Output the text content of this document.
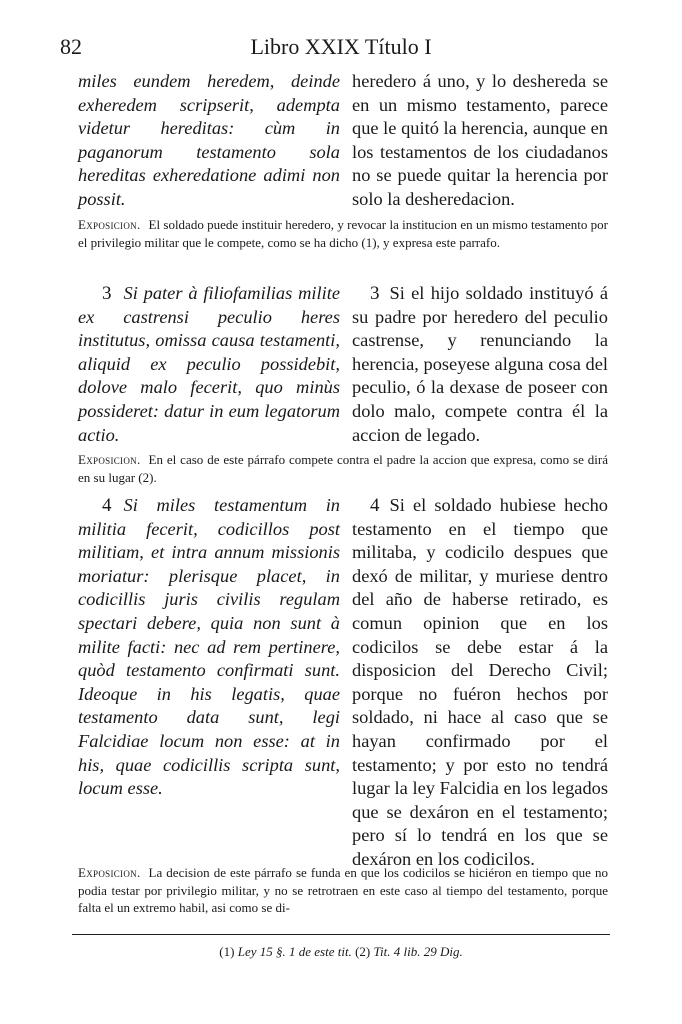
82	Libro XXIX Título I

miles eundem heredem, deinde exheredem scripserit, adempta videtur hereditas: cùm in paganorum testamento sola hereditas exheredatione adimi non possit.

heredero á uno, y lo deshereda se en un mismo testamento, parece que le quitó la herencia, aunque en los testamentos de los ciudadanos no se puede quitar la herencia por solo la desheredacion.

Exposicion. El soldado puede instituir heredero, y revocar la institucion en un mismo testamento por el privilegio militar que le compete, como se ha dicho (1), y expresa este parrafo.

3 Si pater à filiofamilias milite ex castrensi peculio heres institutus, omissa causa testamenti, aliquid ex peculio possidebit, dolove malo fecerit, quo minùs possideret: datur in eum legatorum actio.

3 Si el hijo soldado instituyó á su padre por heredero del peculio castrense, y renunciando la herencia, poseyese alguna cosa del peculio, ó la dexase de poseer con dolo malo, compete contra él la accion de legado.

Exposicion. En el caso de este párrafo compete contra el padre la accion que expresa, como se dirá en su lugar (2).

4 Si miles testamentum in militia fecerit, codicillos post militiam, et intra annum missionis moriatur: plerisque placet, in codicillis juris civilis regulam spectari debere, quia non sunt à milite facti: nec ad rem pertinere, quòd testamento confirmati sunt. Ideoque in his legatis, quae testamento data sunt, legi Falcidiae locum non esse: at in his, quae codicillis scripta sunt, locum esse.

4 Si el soldado hubiese hecho testamento en el tiempo que militaba, y codicilo despues que dexó de militar, y muriese dentro del año de haberse retirado, es comun opinion que en los codicilos se debe estar á la disposicion del Derecho Civil; porque no fuéron hechos por soldado, ni hace al caso que se hayan confirmado por el testamento; y por esto no tendrá lugar la ley Falcidia en los legados que se dexáron en el testamento; pero sí lo tendrá en los que se dexáron en los codicilos.

Exposicion. La decision de este párrafo se funda en que los codicilos se hiciéron en tiempo que no podia testar por privilegio militar, y no se retrotraen en este caso al tiempo del testamento, porque falta el un extremo habil, asi como se di-
(1) Ley 15 §. 1 de este tit. (2) Tit. 4 lib. 29 Dig.
